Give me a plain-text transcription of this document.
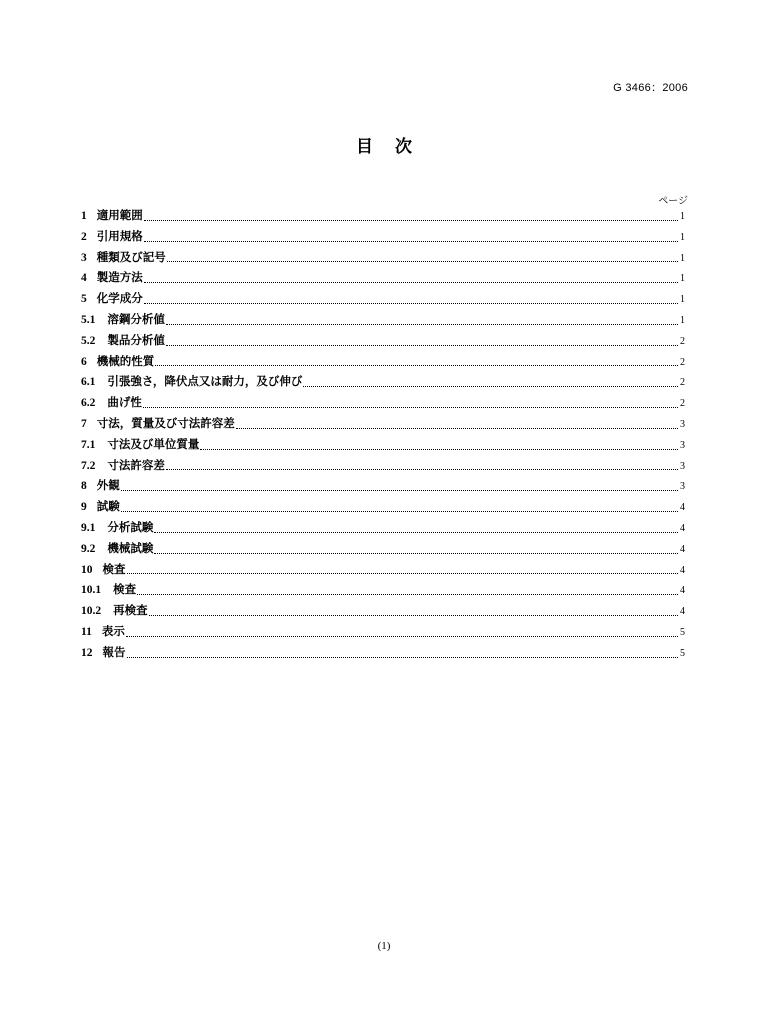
G 3466：2006
目 次
ページ
1 適用範囲	1
2 引用規格	1
3 種類及び記号	1
4 製造方法	1
5 化学成分	1
5.1 溶鋼分析値	1
5.2 製品分析値	2
6 機械的性質	2
6.1 引張強さ，降伏点又は耐力，及び伸び	2
6.2 曲げ性	2
7 寸法，質量及び寸法許容差	3
7.1 寸法及び単位質量	3
7.2 寸法許容差	3
8 外観	3
9 試験	4
9.1 分析試験	4
9.2 機械試験	4
10 検査	4
10.1 検査	4
10.2 再検査	4
11 表示	5
12 報告	5
(1)
